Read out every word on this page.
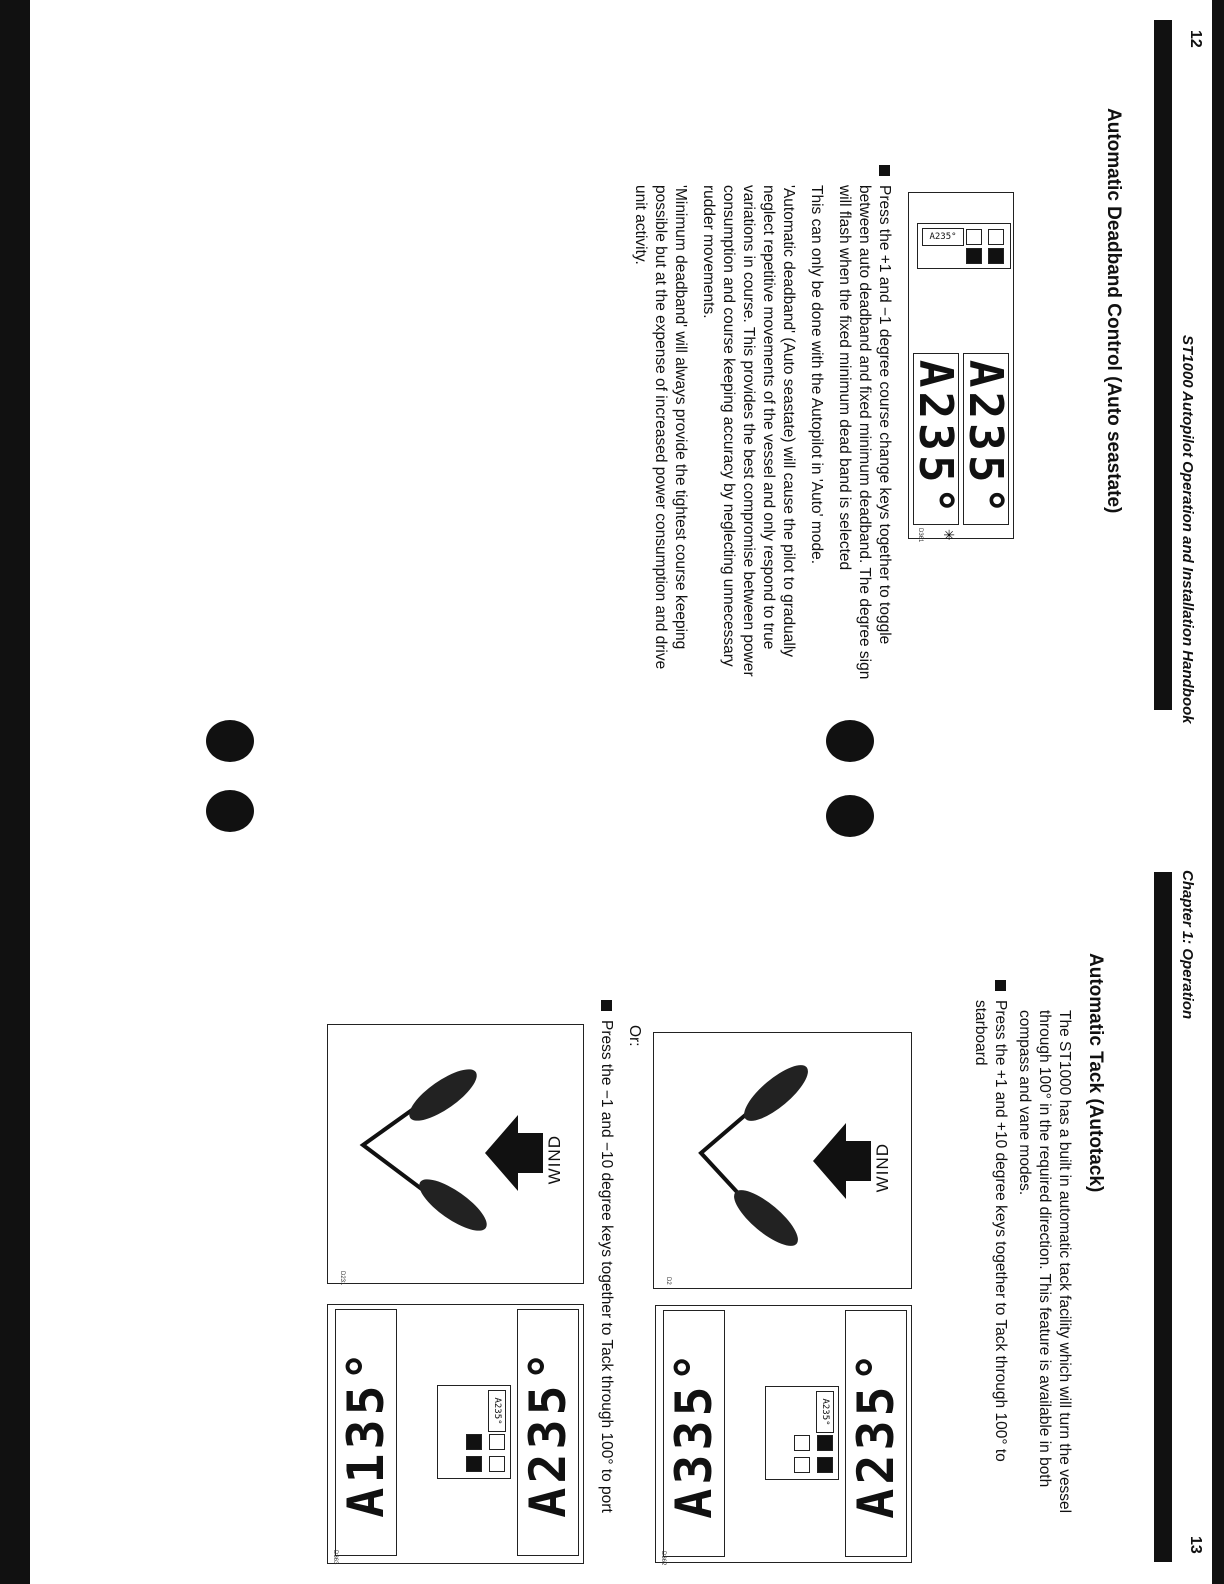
12
ST1000 Autopilot Operation and Installation Handbook
Automatic Deadband Control (Auto seastate)
A235°
A235°
A235°
✳
D361

Press the +1 and −1 degree course change keys together to toggle between auto deadband and fixed minimum deadband. The degree sign will flash when the fixed minimum dead band is selected

This can only be done with the Autopilot in 'Auto' mode.

'Automatic deadband' (Auto seastate) will cause the pilot to gradually neglect repetitive movements of the vessel and only respond to true variations in course. This provides the best compromise between power consumption and course keeping accuracy by neglecting unnecessary rudder movements.

'Minimum deadband' will always provide the tightest course keeping possible but at the expense of increased power consumption and drive unit activity.

13
Chapter 1: Operation
Automatic Tack (Autotack)

The ST1000 has a built in automatic tack facility which will turn the vessel through 100° in the required direction. This feature is available in both compass and vane modes.

Press the +1 and +10 degree keys together to Tack through 100° to starboard

WIND
D2
A235°
A235°
A335°
D362
Or:

Press the −1 and −10 degree keys together to Tack through 100° to port

WIND
D231
A235°
A235°
A135°
D363
